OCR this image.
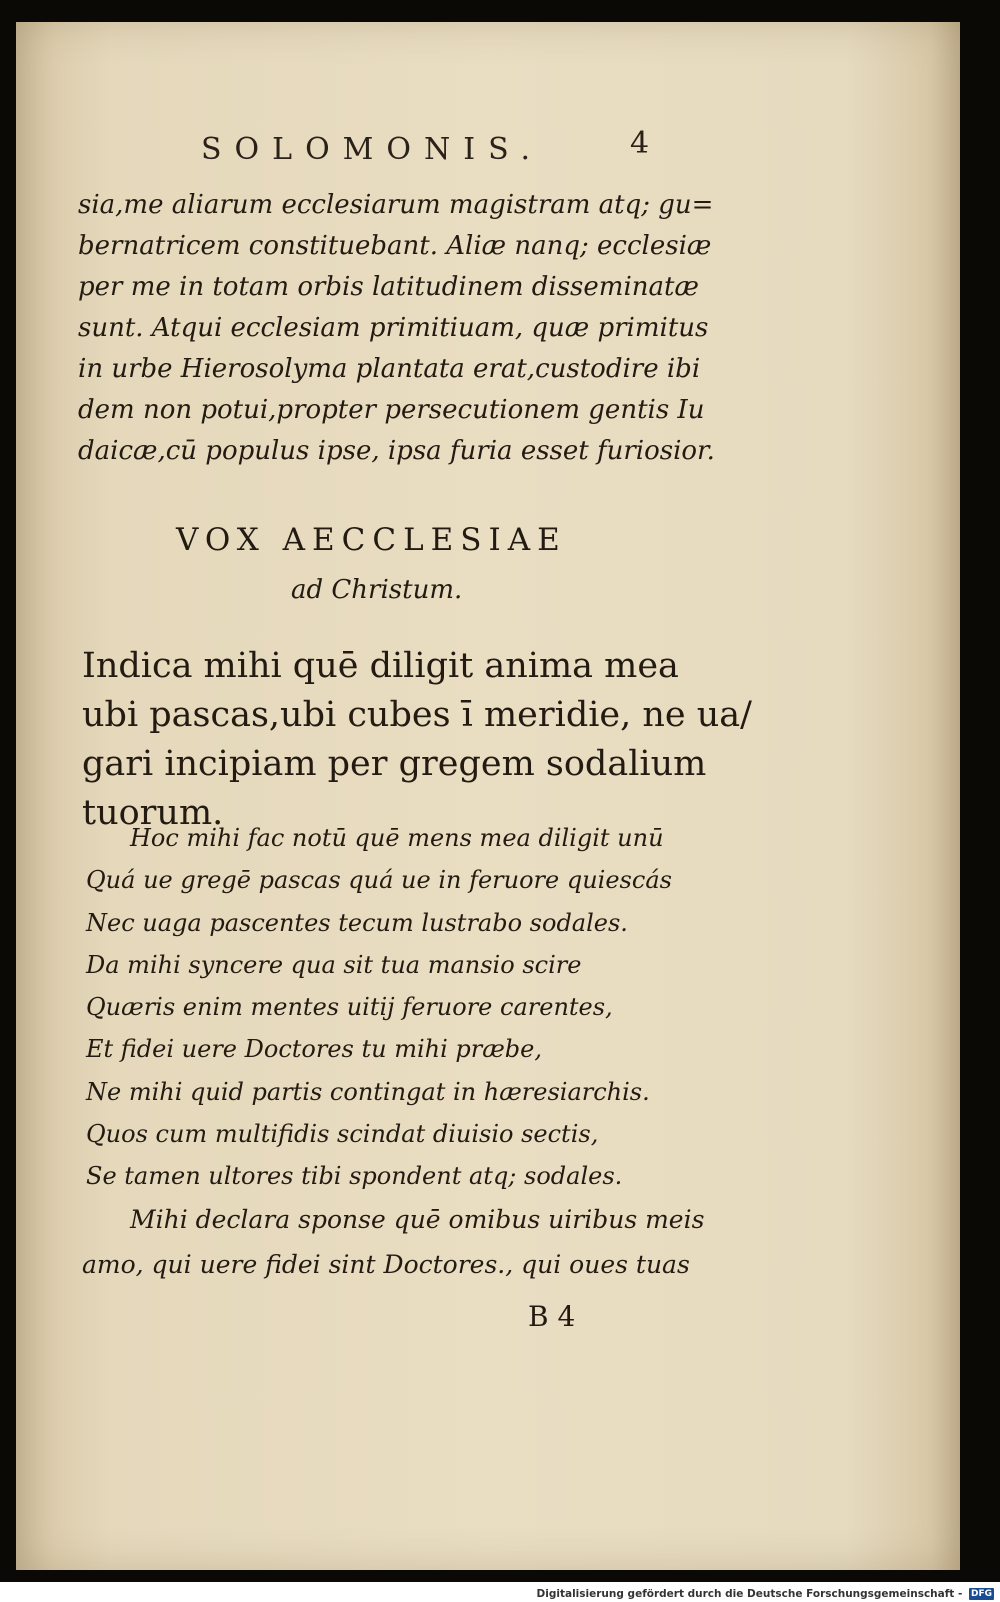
SOLOMONIS.	4
sia,me aliarum ecclesiarum magistram atq; gu=
bernatricem constituebant. Aliæ nanq; ecclesiæ
per me in totam orbis latitudinem disseminatæ
sunt. Atqui ecclesiam primitiuam, quæ primitus
in urbe Hierosolyma plantata erat,custodire ibi
dem non potui,propter persecutionem gentis Iu
daicæ,cū populus ipse, ipsa furia esset furiosior.
VOX AECCLESIAE
ad Christum.
Indica mihi quē diligit anima mea
ubi pascas,ubi cubes ī meridie, ne ua/
gari incipiam per gregem sodalium
tuorum.
Hoc mihi fac notū quē mens mea diligit unū
Quá ue gregē pascas quá ue in feruore quiescás
Nec uaga pascentes tecum lustrabo sodales.
Da mihi syncere qua sit tua mansio scire
Quæris enim mentes uitij feruore carentes,
Et fidei uere Doctores tu mihi præbe,
Ne mihi quid partis contingat in hæresiarchis.
Quos cum multifidis scindat diuisio sectis,
Se tamen ultores tibi spondent atq; sodales.
Mihi declara sponse quē omibus uiribus meis
amo, qui uere fidei sint Doctores., qui oues tuas
B 4
Digitalisierung gefördert durch die Deutsche Forschungsgemeinschaft - DFG
